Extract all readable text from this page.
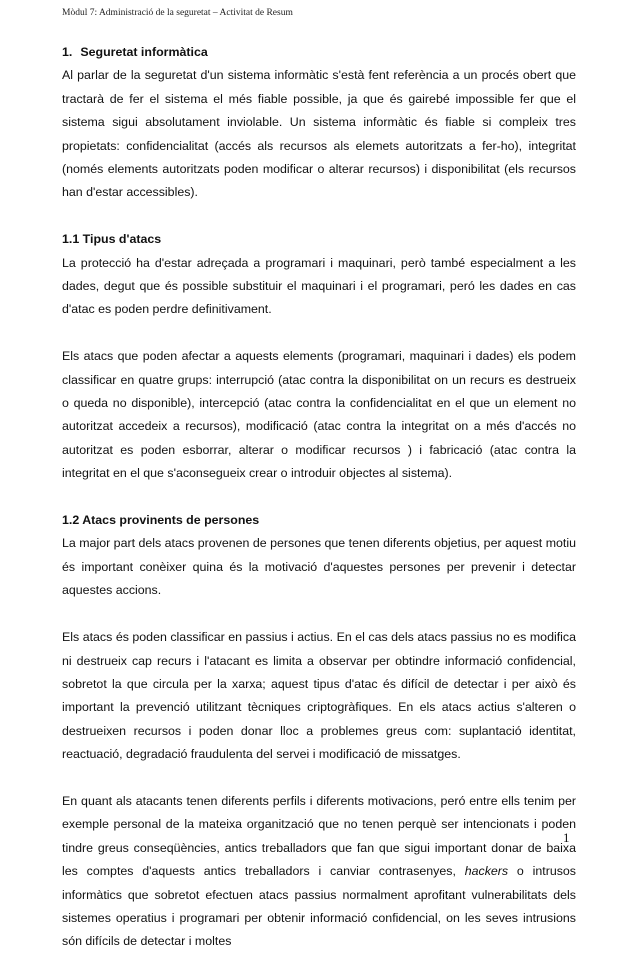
Mòdul 7: Administració de la seguretat – Activitat de Resum
1. Seguretat informàtica

Al parlar de la seguretat d'un sistema informàtic s'està fent referència a un procés obert que tractarà de fer el sistema el més fiable possible, ja que és gairebé impossible fer que el sistema sigui absolutament inviolable. Un sistema informàtic és fiable si compleix tres propietats: confidencialitat (accés als recursos als elemets autoritzats a fer-ho), integritat (només elements autoritzats poden modificar o alterar recursos) i disponibilitat (els recursos han d'estar accessibles).

1.1 Tipus d'atacs

La protecció ha d'estar adreçada a programari i maquinari, però també especialment a les dades, degut que és possible substituir el maquinari i el programari, peró les dades en cas d'atac es poden perdre definitivament.

Els atacs que poden afectar a aquests elements (programari, maquinari i dades) els podem classificar en quatre grups: interrupció (atac contra la disponibilitat on un recurs es destrueix o queda no disponible), intercepció (atac contra la confidencialitat en el que un element no autoritzat accedeix a recursos), modificació (atac contra la integritat on a més d'accés no autoritzat es poden esborrar, alterar o modificar recursos ) i fabricació (atac contra la integritat en el que s'aconsegueix crear o introduir objectes al sistema).

1.2 Atacs provinents de persones

La major part dels atacs provenen de persones que tenen diferents objetius, per aquest motiu és important conèixer quina és la motivació d'aquestes persones per prevenir i detectar aquestes accions.

Els atacs és poden classificar en passius i actius. En el cas dels atacs passius no es modifica ni destrueix cap recurs i l'atacant es limita a observar per obtindre informació confidencial, sobretot la que circula per la xarxa; aquest tipus d'atac és difícil de detectar i per això és important la prevenció utilitzant tècniques criptogràfiques. En els atacs actius s'alteren o destrueixen recursos i poden donar lloc a problemes greus com: suplantació identitat, reactuació, degradació fraudulenta del servei i modificació de missatges.

En quant als atacants tenen diferents perfils i diferents motivacions, peró entre ells tenim per exemple personal de la mateixa organització que no tenen perquè ser intencionats i poden tindre greus conseqüències, antics treballadors que fan que sigui important donar de baixa les comptes d'aquests antics treballadors i canviar contrasenyes, hackers o intrusos informàtics que sobretot efectuen atacs passius normalment aprofitant vulnerabilitats dels sistemes operatius i programari per obtenir informació confidencial, on les seves intrusions són difícils de detectar i moltes

1
